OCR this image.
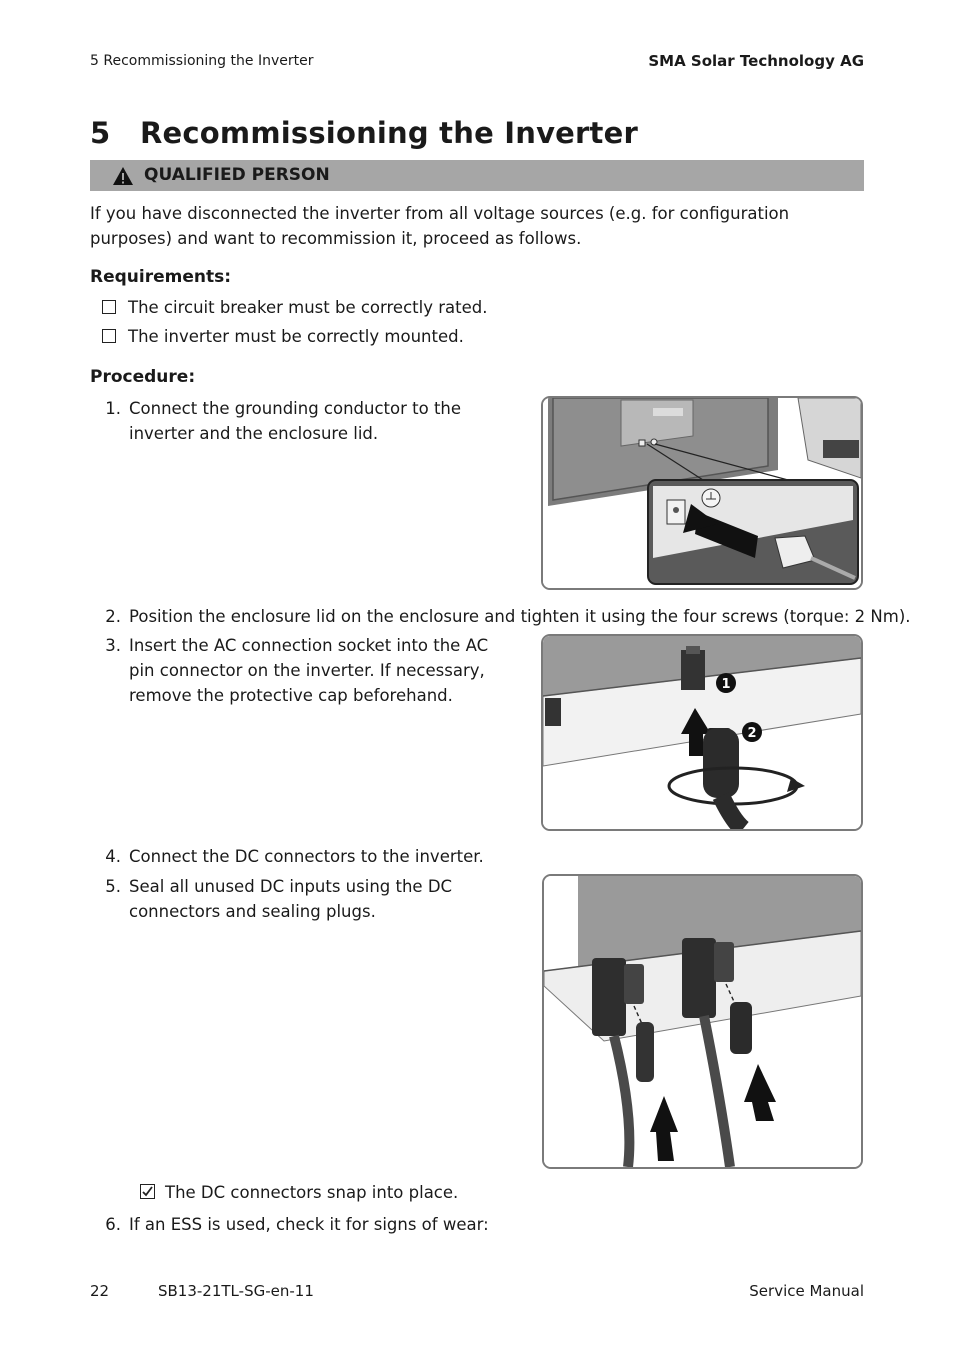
5 Recommissioning the Inverter	SMA Solar Technology AG
5 Recommissioning the Inverter
QUALIFIED PERSON
If you have disconnected the inverter from all voltage sources (e.g. for configuration purposes) and want to recommission it, proceed as follows.
Requirements:
The circuit breaker must be correctly rated.
The inverter must be correctly mounted.
Procedure:
1. Connect the grounding conductor to the inverter and the enclosure lid.
2. Position the enclosure lid on the enclosure and tighten it using the four screws (torque: 2 Nm).
3. Insert the AC connection socket into the AC pin connector on the inverter. If necessary, remove the protective cap beforehand.
1
2
4. Connect the DC connectors to the inverter.
5. Seal all unused DC inputs using the DC connectors and sealing plugs.
The DC connectors snap into place.
6. If an ESS is used, check it for signs of wear:
22	SB13-21TL-SG-en-11	Service Manual
